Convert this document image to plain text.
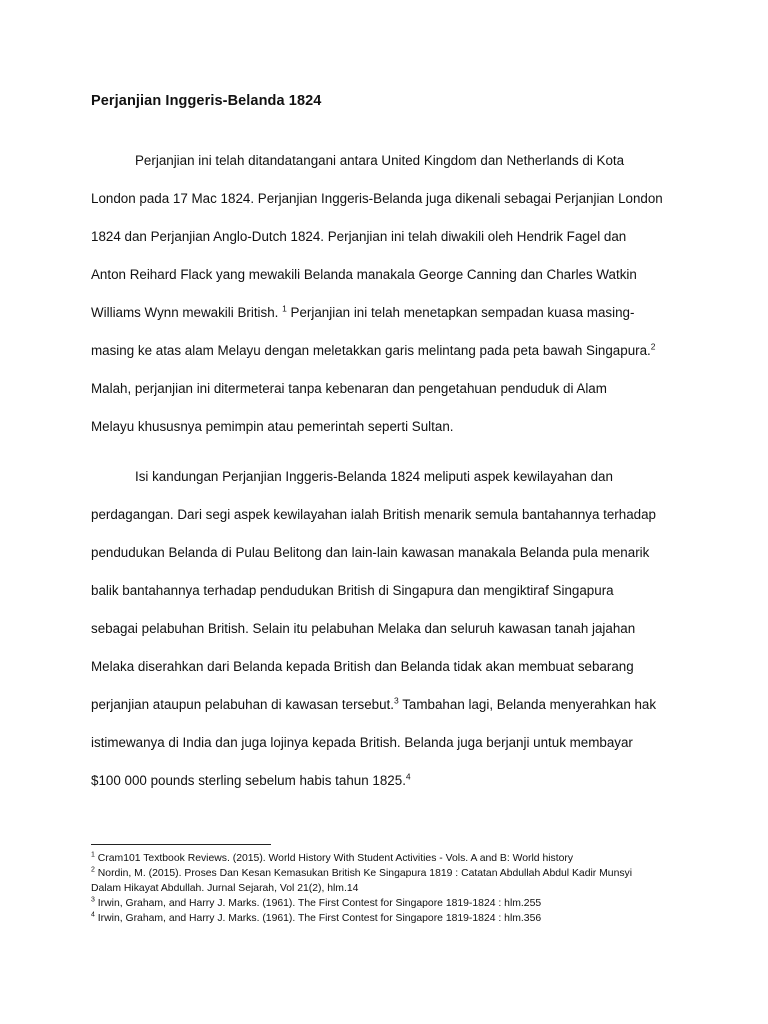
Perjanjian Inggeris-Belanda 1824
Perjanjian ini telah ditandatangani antara United Kingdom dan Netherlands di Kota
London pada 17 Mac 1824. Perjanjian Inggeris-Belanda juga dikenali sebagai Perjanjian London
1824 dan Perjanjian Anglo-Dutch 1824. Perjanjian ini telah diwakili oleh Hendrik Fagel dan
Anton Reihard Flack yang mewakili Belanda manakala George Canning dan Charles Watkin
Williams Wynn mewakili British. $^1$ Perjanjian ini telah menetapkan sempadan kuasa masing-
masing ke atas alam Melayu dengan meletakkan garis melintang pada peta bawah Singapura.$^2$
Malah, perjanjian ini ditermeterai tanpa kebenaran dan pengetahuan penduduk di Alam
Melayu khususnya pemimpin atau pemerintah seperti Sultan.
Isi kandungan Perjanjian Inggeris-Belanda 1824 meliputi aspek kewilayahan dan
perdagangan. Dari segi aspek kewilayahan ialah British menarik semula bantahannya terhadap
pendudukan Belanda di Pulau Belitong dan lain-lain kawasan manakala Belanda pula menarik
balik bantahannya terhadap pendudukan British di Singapura dan mengiktiraf Singapura
sebagai pelabuhan British. Selain itu pelabuhan Melaka dan seluruh kawasan tanah jajahan
Melaka diserahkan dari Belanda kepada British dan Belanda tidak akan membuat sebarang
perjanjian ataupun pelabuhan di kawasan tersebut.$^3$ Tambahan lagi, Belanda menyerahkan hak
istimewanya di India dan juga lojinya kepada British. Belanda juga berjanji untuk membayar
$100 000 pounds sterling sebelum habis tahun 1825.$^4$
$^1$ Cram101 Textbook Reviews. (2015). World History With Student Activities - Vols. A and B: World history
$^2$ Nordin, M. (2015). Proses Dan Kesan Kemasukan British Ke Singapura 1819 : Catatan Abdullah Abdul Kadir Munsyi
Dalam Hikayat Abdullah. Jurnal Sejarah, Vol 21(2), hlm.14
$^3$ Irwin, Graham, and Harry J. Marks. (1961). The First Contest for Singapore 1819-1824 : hlm.255
$^4$ Irwin, Graham, and Harry J. Marks. (1961). The First Contest for Singapore 1819-1824 : hlm.356
